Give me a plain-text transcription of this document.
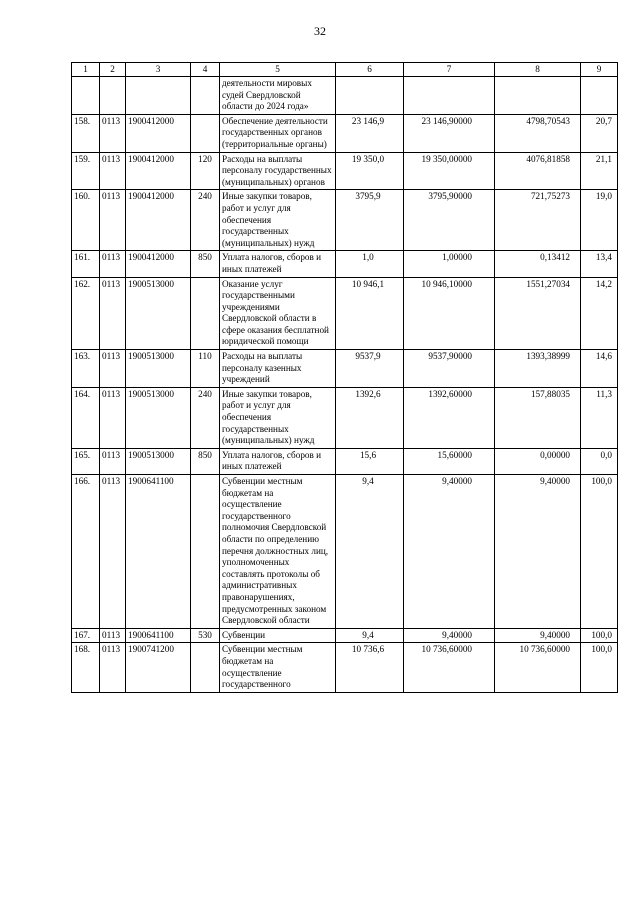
32
1	2	3	4	5	6	7	8	9
				деятельности мировых судей Свердловской области до 2024 года»				
158.	0113	1900412000		Обеспечение деятельности государственных органов (территориальные органы)	23 146,9	23 146,90000	4798,70543	20,7
159.	0113	1900412000	120	Расходы на выплаты персоналу государственных (муниципальных) органов	19 350,0	19 350,00000	4076,81858	21,1
160.	0113	1900412000	240	Иные закупки товаров, работ и услуг для обеспечения государственных (муниципальных) нужд	3795,9	3795,90000	721,75273	19,0
161.	0113	1900412000	850	Уплата налогов, сборов и иных платежей	1,0	1,00000	0,13412	13,4
162.	0113	1900513000		Оказание услуг государственными учреждениями Свердловской области в сфере оказания бесплатной юридической помощи	10 946,1	10 946,10000	1551,27034	14,2
163.	0113	1900513000	110	Расходы на выплаты персоналу казенных учреждений	9537,9	9537,90000	1393,38999	14,6
164.	0113	1900513000	240	Иные закупки товаров, работ и услуг для обеспечения государственных (муниципальных) нужд	1392,6	1392,60000	157,88035	11,3
165.	0113	1900513000	850	Уплата налогов, сборов и иных платежей	15,6	15,60000	0,00000	0,0
166.	0113	1900641100		Субвенции местным бюджетам на осуществление государственного полномочия Свердловской области по определению перечня должностных лиц, уполномоченных составлять протоколы об административных правонарушениях, предусмотренных законом Свердловской области	9,4	9,40000	9,40000	100,0
167.	0113	1900641100	530	Субвенции	9,4	9,40000	9,40000	100,0
168.	0113	1900741200		Субвенции местным бюджетам на осуществление государственного	10 736,6	10 736,60000	10 736,60000	100,0
